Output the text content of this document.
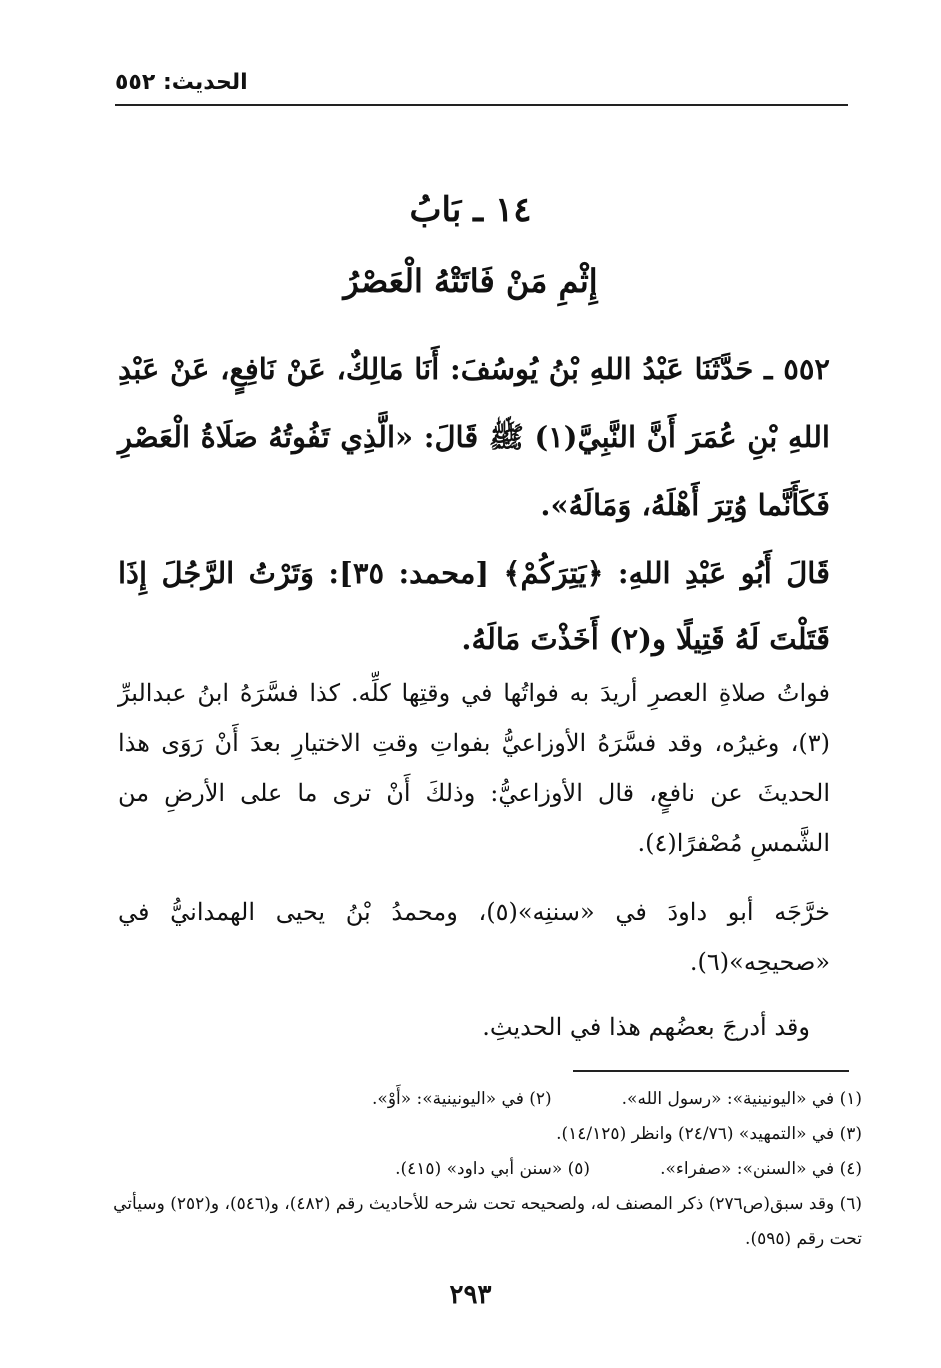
الحديث: ٥٥٢
١٤ ـ بَابُ
إِثْمِ مَنْ فَاتَتْهُ الْعَصْرُ
٥٥٢ ـ حَدَّثَنَا عَبْدُ اللهِ بْنُ يُوسُفَ: أَنَا مَالِكٌ، عَنْ نَافِعٍ، عَنْ عَبْدِ اللهِ بْنِ عُمَرَ أَنَّ النَّبِيَّ(١) ﷺ قَالَ: «الَّذِي تَفُوتُهُ صَلَاةُ الْعَصْرِ فَكَأَنَّما وُتِرَ أَهْلَهُ، وَمَالَهُ».
قَالَ أَبُو عَبْدِ اللهِ: ﴿يَتِرَكُمْ﴾ [محمد: ٣٥]: وَتَرْتُ الرَّجُلَ إِذَا قَتَلْتَ لَهُ قَتِيلًا و(٢) أَخَذْتَ مَالَهُ.
فواتُ صلاةِ العصرِ أريدَ به فواتُها في وقتِها كلِّه. كذا فسَّرَهُ ابنُ عبدالبرِّ (٣)، وغيرُه، وقد فسَّرَهُ الأوزاعيُّ بفواتِ وقتِ الاختيارِ بعدَ أَنْ رَوَى هذا الحديثَ عن نافعٍ، قال الأوزاعيُّ: وذلكَ أَنْ ترى ما على الأرضِ من الشَّمسِ مُصْفرًا(٤).
خرَّجَه أبو داودَ في «سننِه»(٥)، ومحمدُ بْنُ يحيى الهمدانيُّ في «صحيحِه»(٦).
وقد أدرجَ بعضُهم هذا في الحديثِ.
(١) في «اليونينية»: «رسول الله».
(٢) في «اليونينية»: «أَوْ».
(٣) في «التمهيد» (٢٤/٧٦) وانظر (١٤/١٢٥).
(٤) في «السنن»: «صفراء».
(٥) «سنن أبي داود» (٤١٥).
(٦) وقد سبق(ص٢٧٦) ذكر المصنف له، ولصحيحه تحت شرحه للأحاديث رقم (٤٨٢)، و(٥٤٦)، و(٢٥٢) وسيأتي تحت رقم (٥٩٥).
٢٩٣
